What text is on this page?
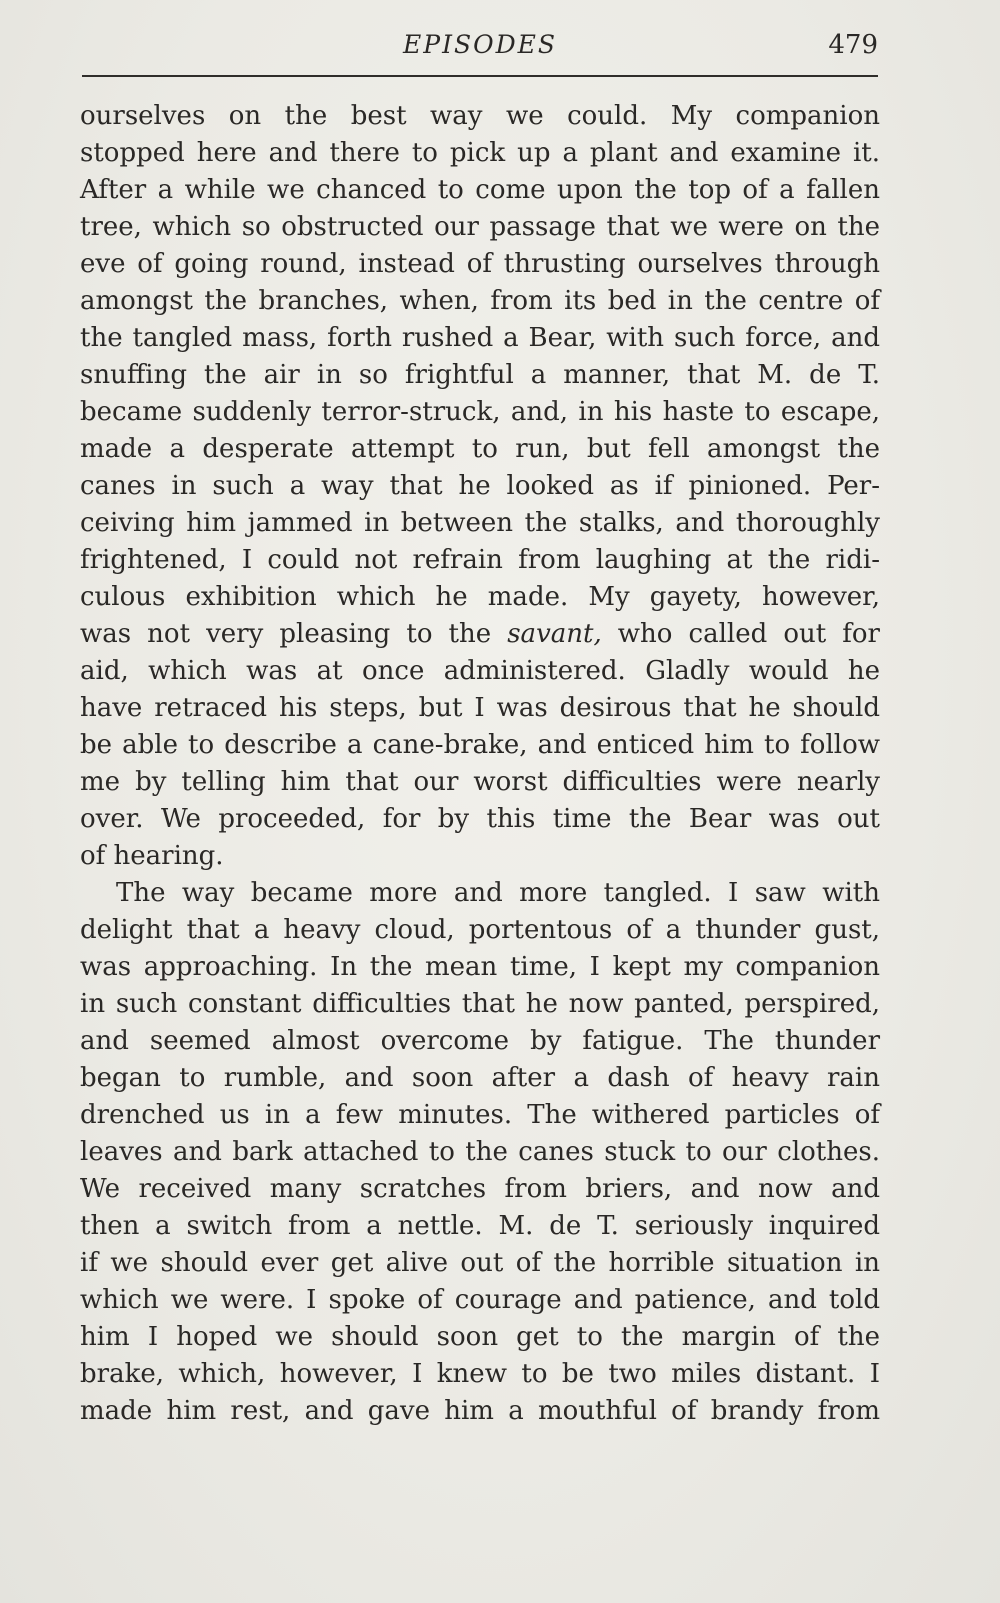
EPISODES	479
ourselves on the best way we could. My companion
stopped here and there to pick up a plant and examine it.
After a while we chanced to come upon the top of a fallen
tree, which so obstructed our passage that we were on the
eve of going round, instead of thrusting ourselves through
amongst the branches, when, from its bed in the centre of
the tangled mass, forth rushed a Bear, with such force, and
snuffing the air in so frightful a manner, that M. de T.
became suddenly terror-struck, and, in his haste to escape,
made a desperate attempt to run, but fell amongst the
canes in such a way that he looked as if pinioned. Per-
ceiving him jammed in between the stalks, and thoroughly
frightened, I could not refrain from laughing at the ridi-
culous exhibition which he made. My gayety, however,
was not very pleasing to the savant, who called out for
aid, which was at once administered. Gladly would he
have retraced his steps, but I was desirous that he should
be able to describe a cane-brake, and enticed him to follow
me by telling him that our worst difficulties were nearly
over. We proceeded, for by this time the Bear was out
of hearing.
The way became more and more tangled. I saw with
delight that a heavy cloud, portentous of a thunder gust,
was approaching. In the mean time, I kept my companion
in such constant difficulties that he now panted, perspired,
and seemed almost overcome by fatigue. The thunder
began to rumble, and soon after a dash of heavy rain
drenched us in a few minutes. The withered particles of
leaves and bark attached to the canes stuck to our clothes.
We received many scratches from briers, and now and
then a switch from a nettle. M. de T. seriously inquired
if we should ever get alive out of the horrible situation in
which we were. I spoke of courage and patience, and told
him I hoped we should soon get to the margin of the
brake, which, however, I knew to be two miles distant. I
made him rest, and gave him a mouthful of brandy from
